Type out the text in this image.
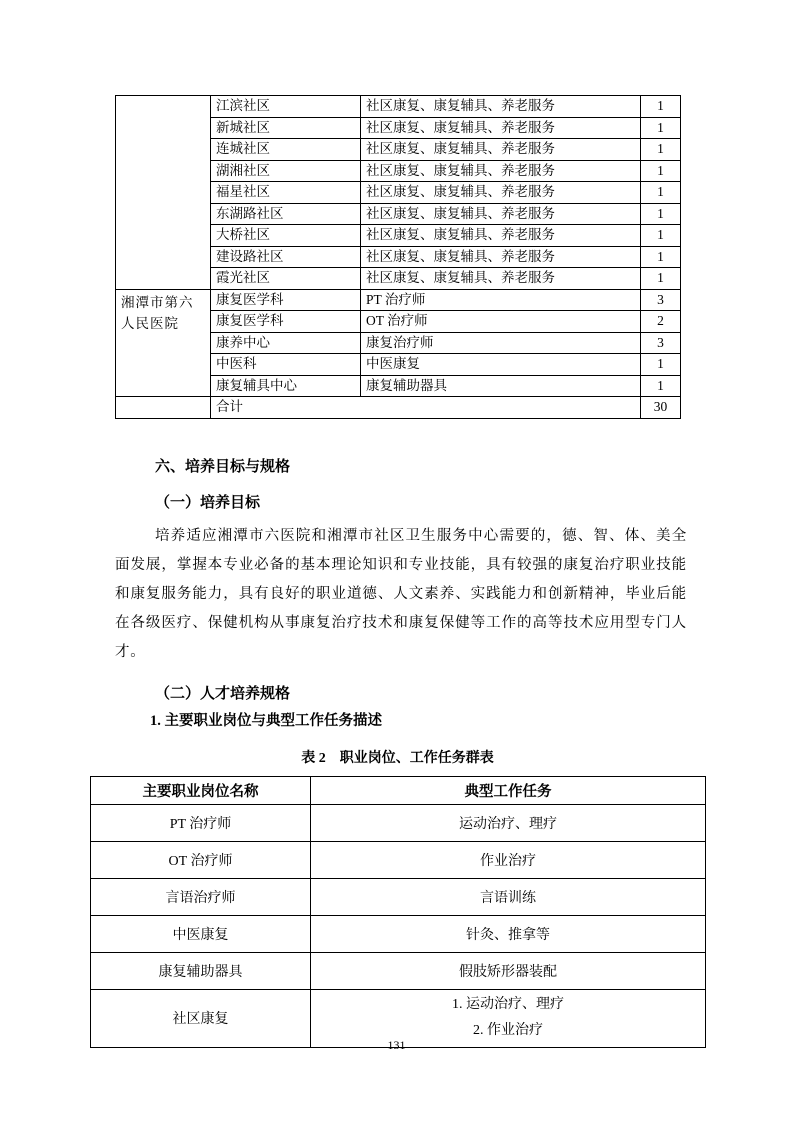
	江滨社区	社区康复、康复辅具、养老服务	1
	新城社区	社区康复、康复辅具、养老服务	1
	连城社区	社区康复、康复辅具、养老服务	1
	湖湘社区	社区康复、康复辅具、养老服务	1
	福星社区	社区康复、康复辅具、养老服务	1
	东湖路社区	社区康复、康复辅具、养老服务	1
	大桥社区	社区康复、康复辅具、养老服务	1
	建设路社区	社区康复、康复辅具、养老服务	1
	霞光社区	社区康复、康复辅具、养老服务	1
湘潭市第六人民医院	康复医学科	PT 治疗师	3
	康复医学科	OT 治疗师	2
	康养中心	康复治疗师	3
	中医科	中医康复	1
	康复辅具中心	康复辅助器具	1
	合计		30
六、培养目标与规格
（一）培养目标
培养适应湘潭市六医院和湘潭市社区卫生服务中心需要的，德、智、体、美全面发展，掌握本专业必备的基本理论知识和专业技能，具有较强的康复治疗职业技能和康复服务能力，具有良好的职业道德、人文素养、实践能力和创新精神，毕业后能在各级医疗、保健机构从事康复治疗技术和康复保健等工作的高等技术应用型专门人才。
（二）人才培养规格
1. 主要职业岗位与典型工作任务描述
表 2　职业岗位、工作任务群表
主要职业岗位名称	典型工作任务
PT 治疗师	运动治疗、理疗
OT 治疗师	作业治疗
言语治疗师	言语训练
中医康复	针灸、推拿等
康复辅助器具	假肢矫形器装配
社区康复	1. 运动治疗、理疗
2. 作业治疗
131
